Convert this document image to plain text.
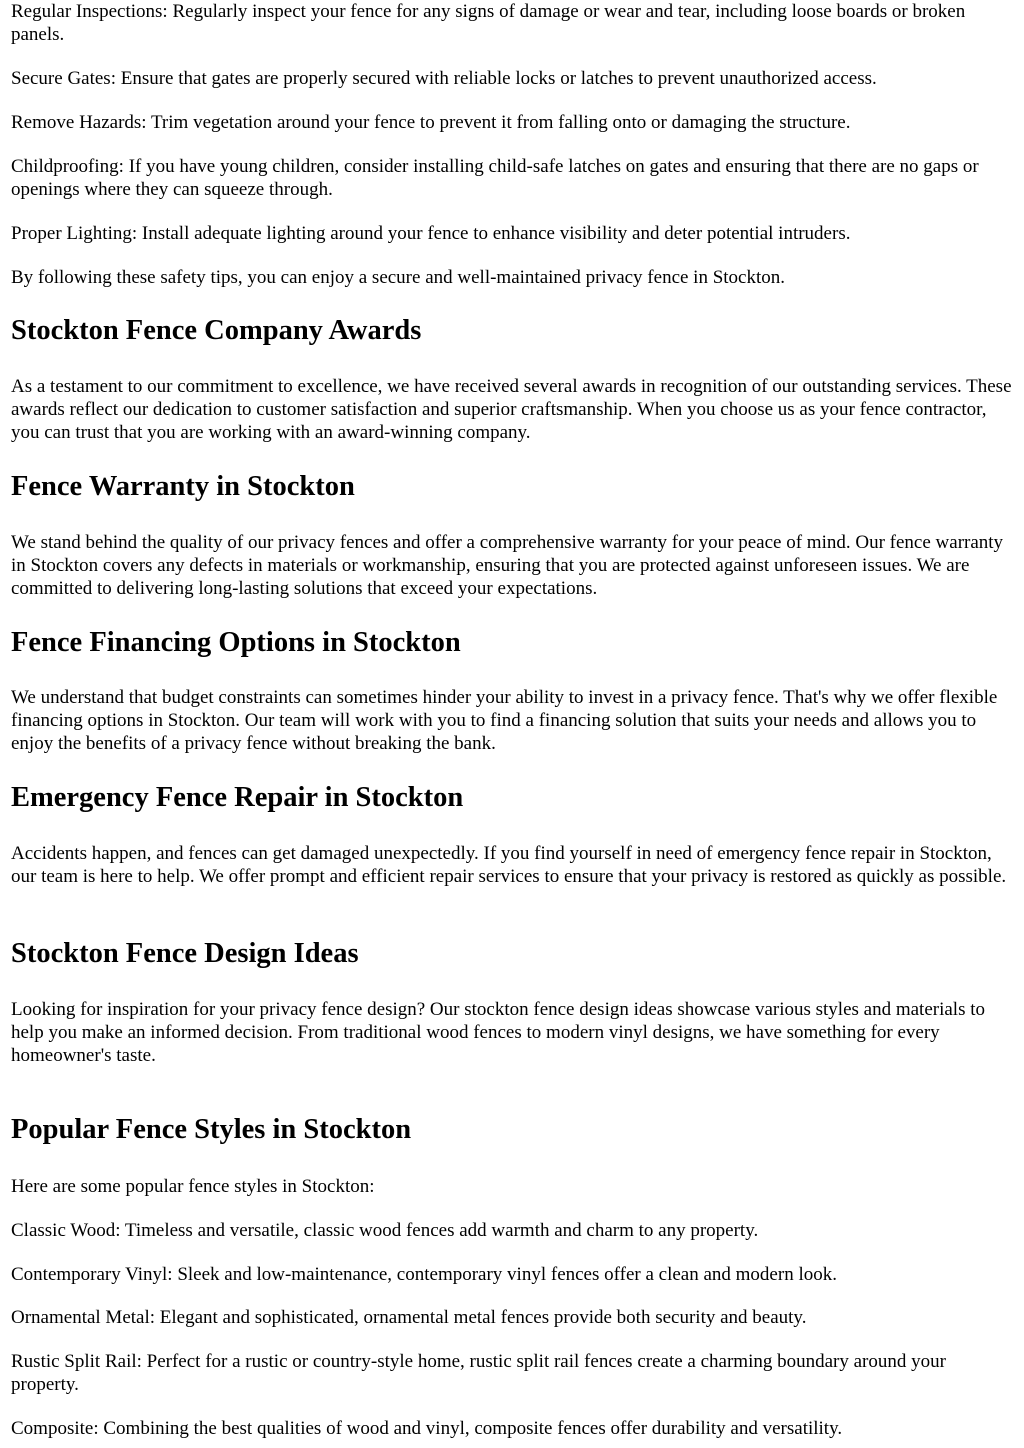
Regular Inspections: Regularly inspect your fence for any signs of damage or wear and tear, including loose boards or broken panels.

Secure Gates: Ensure that gates are properly secured with reliable locks or latches to prevent unauthorized access.

Remove Hazards: Trim vegetation around your fence to prevent it from falling onto or damaging the structure.

Childproofing: If you have young children, consider installing child-safe latches on gates and ensuring that there are no gaps or openings where they can squeeze through.

Proper Lighting: Install adequate lighting around your fence to enhance visibility and deter potential intruders.

By following these safety tips, you can enjoy a secure and well-maintained privacy fence in Stockton.

Stockton Fence Company Awards

As a testament to our commitment to excellence, we have received several awards in recognition of our outstanding services. These awards reflect our dedication to customer satisfaction and superior craftsmanship. When you choose us as your fence contractor, you can trust that you are working with an award-winning company.

Fence Warranty in Stockton

We stand behind the quality of our privacy fences and offer a comprehensive warranty for your peace of mind. Our fence warranty in Stockton covers any defects in materials or workmanship, ensuring that you are protected against unforeseen issues. We are committed to delivering long-lasting solutions that exceed your expectations.

Fence Financing Options in Stockton

We understand that budget constraints can sometimes hinder your ability to invest in a privacy fence. That's why we offer flexible financing options in Stockton. Our team will work with you to find a financing solution that suits your needs and allows you to enjoy the benefits of a privacy fence without breaking the bank.

Emergency Fence Repair in Stockton

Accidents happen, and fences can get damaged unexpectedly. If you find yourself in need of emergency fence repair in Stockton, our team is here to help. We offer prompt and efficient repair services to ensure that your privacy is restored as quickly as possible.

Stockton Fence Design Ideas

Looking for inspiration for your privacy fence design? Our stockton fence design ideas showcase various styles and materials to help you make an informed decision. From traditional wood fences to modern vinyl designs, we have something for every homeowner's taste.

Popular Fence Styles in Stockton

Here are some popular fence styles in Stockton:

Classic Wood: Timeless and versatile, classic wood fences add warmth and charm to any property.

Contemporary Vinyl: Sleek and low-maintenance, contemporary vinyl fences offer a clean and modern look.

Ornamental Metal: Elegant and sophisticated, ornamental metal fences provide both security and beauty.

Rustic Split Rail: Perfect for a rustic or country-style home, rustic split rail fences create a charming boundary around your property.

Composite: Combining the best qualities of wood and vinyl, composite fences offer durability and versatility.
